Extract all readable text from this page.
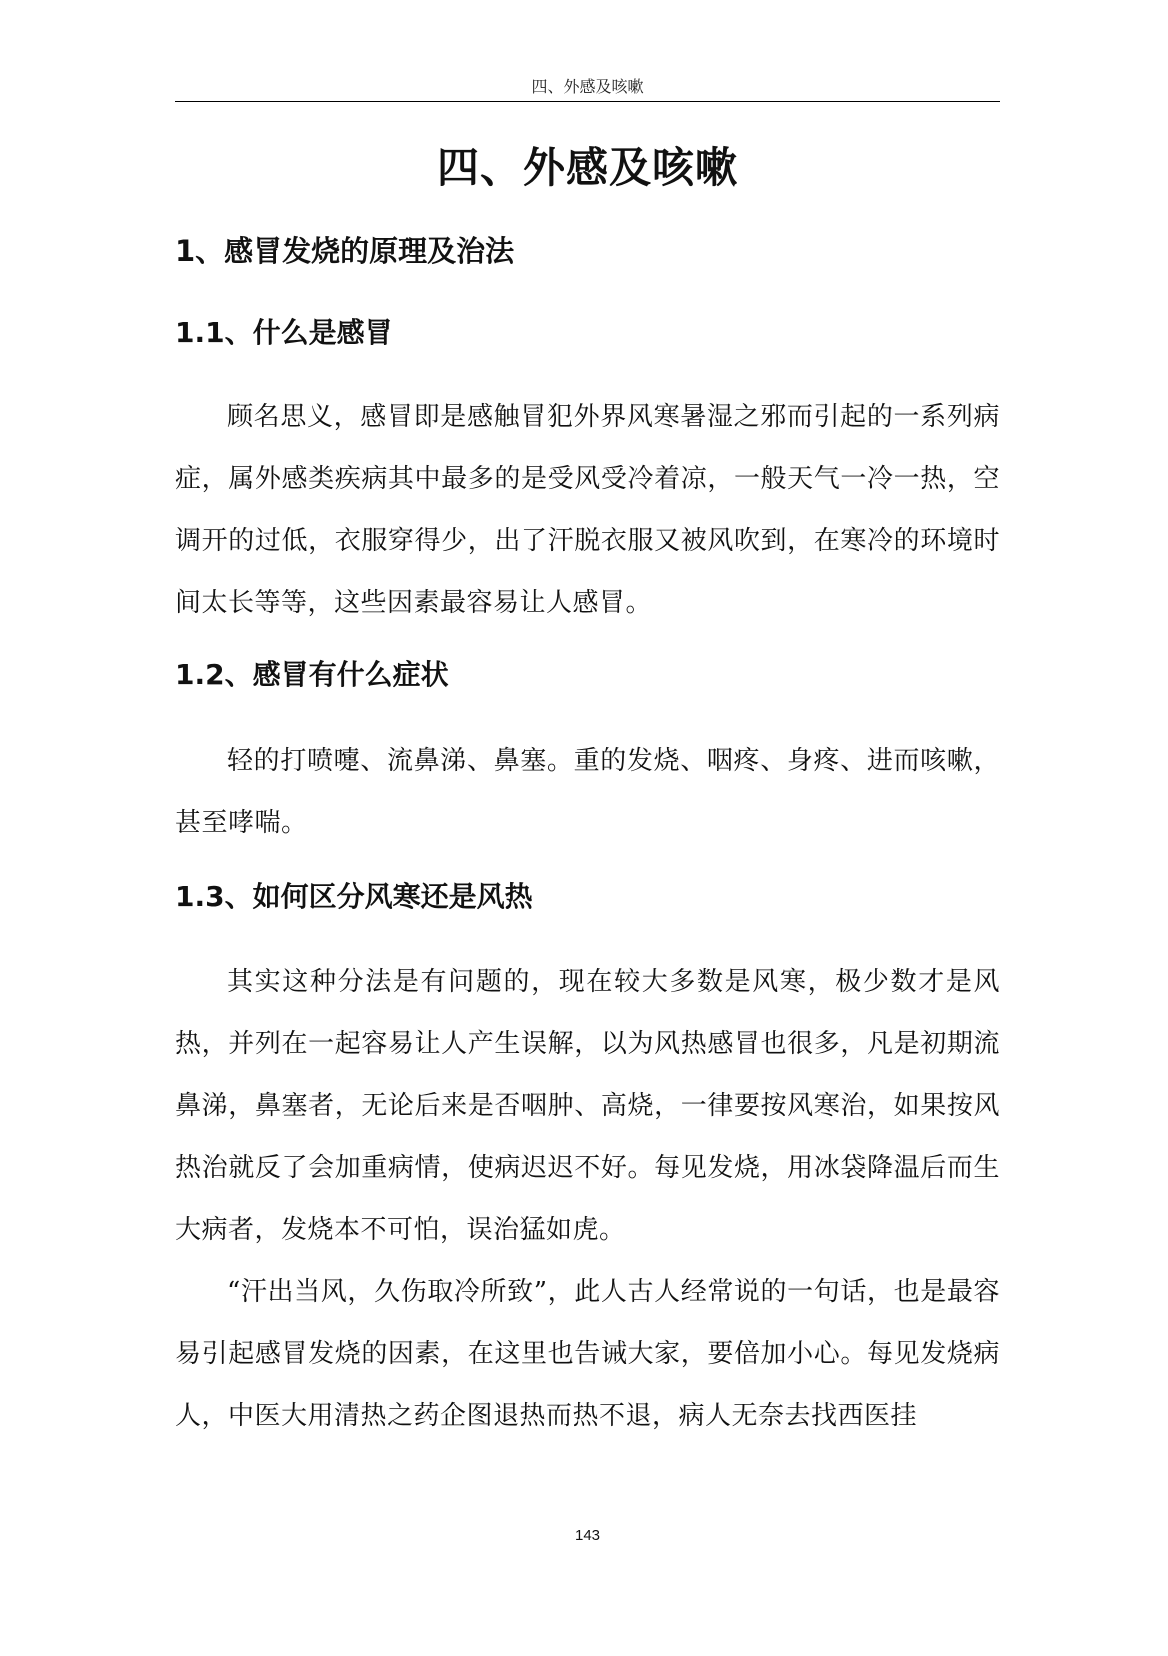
四、外感及咳嗽
四、外感及咳嗽
1、感冒发烧的原理及治法
1.1、什么是感冒

顾名思义，感冒即是感触冒犯外界风寒暑湿之邪而引起的一系列病症，属外感类疾病其中最多的是受风受冷着凉，一般天气一冷一热，空调开的过低，衣服穿得少，出了汗脱衣服又被风吹到，在寒冷的环境时间太长等等，这些因素最容易让人感冒。

1.2、感冒有什么症状

轻的打喷嚏、流鼻涕、鼻塞。重的发烧、咽疼、身疼、进而咳嗽，甚至哮喘。

1.3、如何区分风寒还是风热

其实这种分法是有问题的，现在较大多数是风寒，极少数才是风热，并列在一起容易让人产生误解，以为风热感冒也很多，凡是初期流鼻涕，鼻塞者，无论后来是否咽肿、高烧，一律要按风寒治，如果按风热治就反了会加重病情，使病迟迟不好。每见发烧，用冰袋降温后而生大病者，发烧本不可怕，误治猛如虎。

“汗出当风，久伤取冷所致”，此人古人经常说的一句话，也是最容易引起感冒发烧的因素，在这里也告诫大家，要倍加小心。每见发烧病人，中医大用清热之药企图退热而热不退，病人无奈去找西医挂

143
